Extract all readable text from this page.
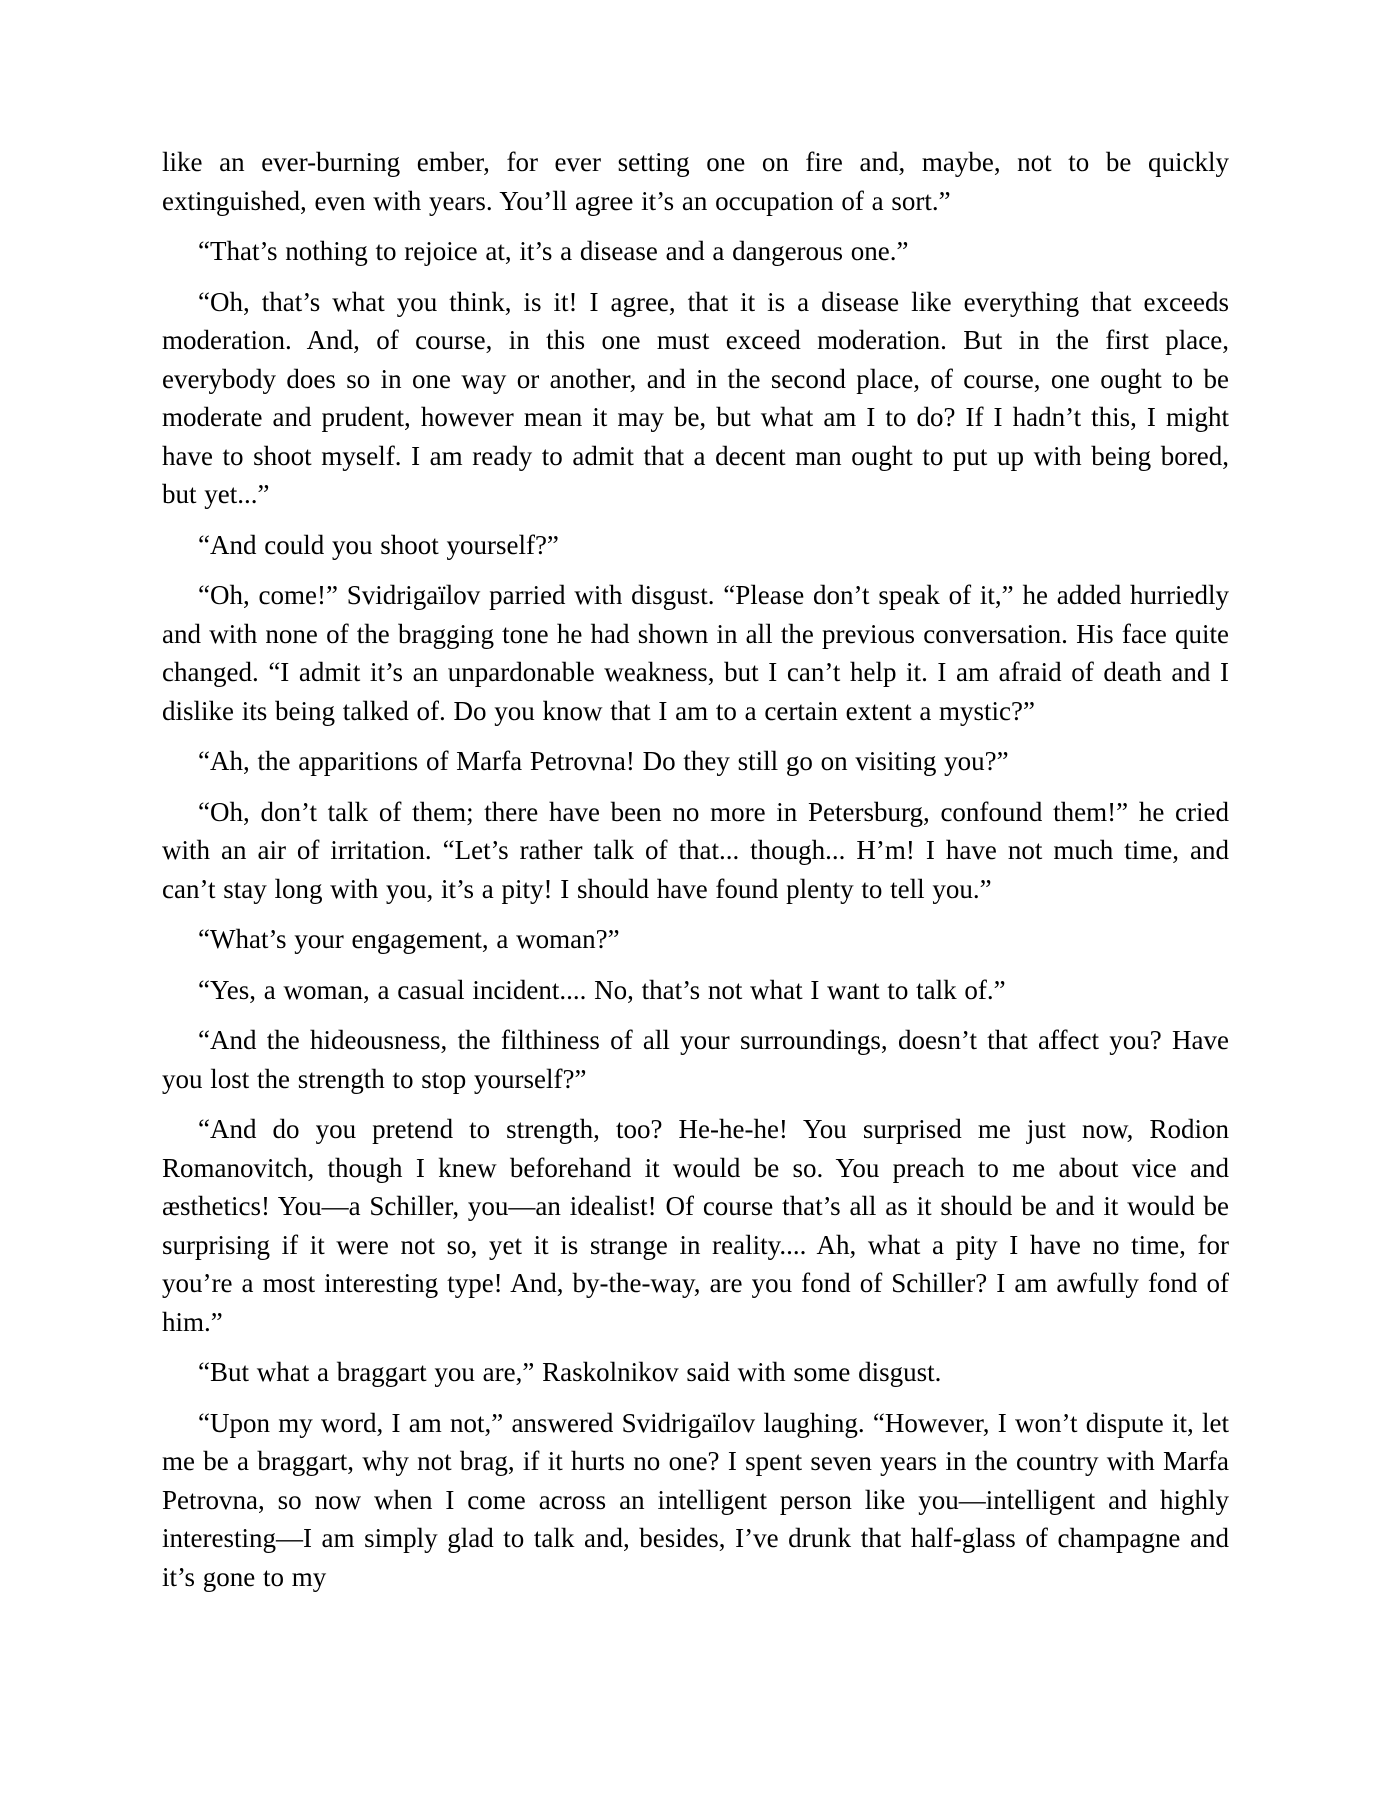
like an ever-burning ember, for ever setting one on fire and, maybe, not to be quickly extinguished, even with years. You’ll agree it’s an occupation of a sort.”

“That’s nothing to rejoice at, it’s a disease and a dangerous one.”

“Oh, that’s what you think, is it! I agree, that it is a disease like everything that exceeds moderation. And, of course, in this one must exceed moderation. But in the first place, everybody does so in one way or another, and in the second place, of course, one ought to be moderate and prudent, however mean it may be, but what am I to do? If I hadn’t this, I might have to shoot myself. I am ready to admit that a decent man ought to put up with being bored, but yet...”

“And could you shoot yourself?”

“Oh, come!” Svidrigaïlov parried with disgust. “Please don’t speak of it,” he added hurriedly and with none of the bragging tone he had shown in all the previous conversation. His face quite changed. “I admit it’s an unpardonable weakness, but I can’t help it. I am afraid of death and I dislike its being talked of. Do you know that I am to a certain extent a mystic?”

“Ah, the apparitions of Marfa Petrovna! Do they still go on visiting you?”

“Oh, don’t talk of them; there have been no more in Petersburg, confound them!” he cried with an air of irritation. “Let’s rather talk of that... though... H’m! I have not much time, and can’t stay long with you, it’s a pity! I should have found plenty to tell you.”

“What’s your engagement, a woman?”

“Yes, a woman, a casual incident.... No, that’s not what I want to talk of.”

“And the hideousness, the filthiness of all your surroundings, doesn’t that affect you? Have you lost the strength to stop yourself?”

“And do you pretend to strength, too? He-he-he! You surprised me just now, Rodion Romanovitch, though I knew beforehand it would be so. You preach to me about vice and æsthetics! You—a Schiller, you—an idealist! Of course that’s all as it should be and it would be surprising if it were not so, yet it is strange in reality.... Ah, what a pity I have no time, for you’re a most interesting type! And, by-the-way, are you fond of Schiller? I am awfully fond of him.”

“But what a braggart you are,” Raskolnikov said with some disgust.

“Upon my word, I am not,” answered Svidrigaïlov laughing. “However, I won’t dispute it, let me be a braggart, why not brag, if it hurts no one? I spent seven years in the country with Marfa Petrovna, so now when I come across an intelligent person like you—intelligent and highly interesting—I am simply glad to talk and, besides, I’ve drunk that half-glass of champagne and it’s gone to my
